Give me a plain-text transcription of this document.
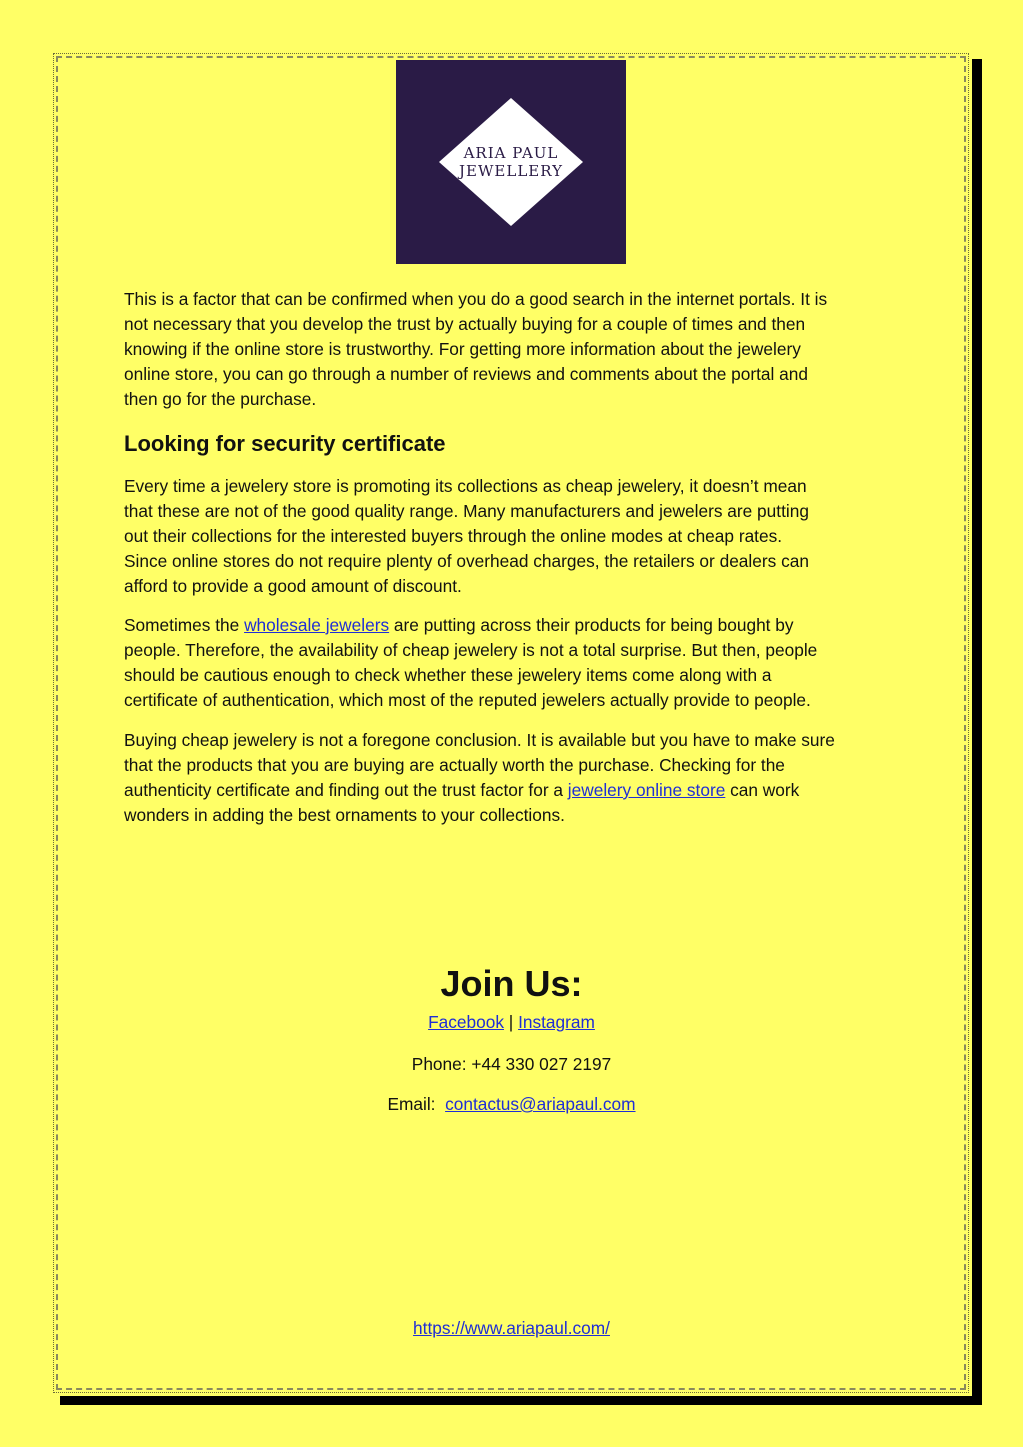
ARIA PAUL
JEWELLERY

This is a factor that can be confirmed when you do a good search in the internet portals. It is
not necessary that you develop the trust by actually buying for a couple of times and then
knowing if the online store is trustworthy. For getting more information about the jewelery
online store, you can go through a number of reviews and comments about the portal and
then go for the purchase.

Looking for security certificate

Every time a jewelery store is promoting its collections as cheap jewelery, it doesn’t mean
that these are not of the good quality range. Many manufacturers and jewelers are putting
out their collections for the interested buyers through the online modes at cheap rates.
Since online stores do not require plenty of overhead charges, the retailers or dealers can
afford to provide a good amount of discount.

Sometimes the wholesale jewelers are putting across their products for being bought by
people. Therefore, the availability of cheap jewelery is not a total surprise. But then, people
should be cautious enough to check whether these jewelery items come along with a
certificate of authentication, which most of the reputed jewelers actually provide to people.

Buying cheap jewelery is not a foregone conclusion. It is available but you have to make sure
that the products that you are buying are actually worth the purchase. Checking for the
authenticity certificate and finding out the trust factor for a jewelery online store can work
wonders in adding the best ornaments to your collections.

Join Us:

Facebook | Instagram

Phone: +44 330 027 2197

Email:  contactus@ariapaul.com

https://www.ariapaul.com/
